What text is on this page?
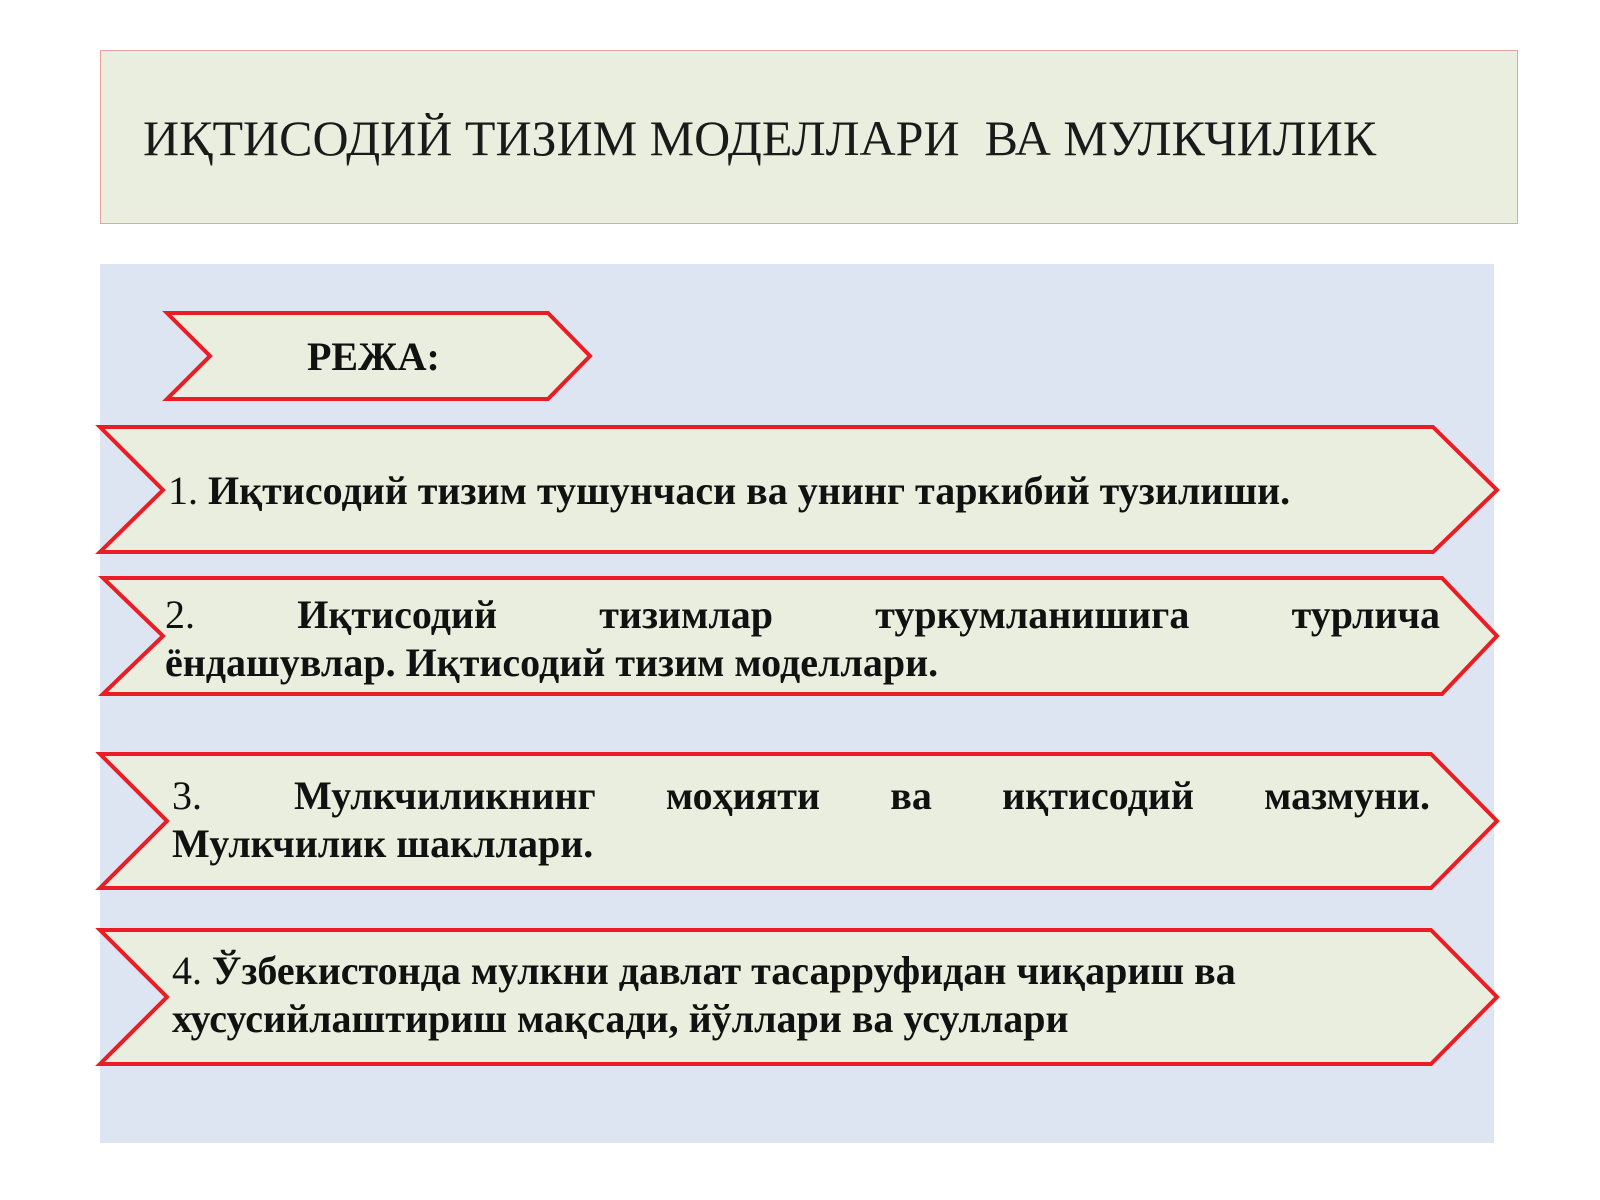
ИҚТИСОДИЙ ТИЗИМ МОДЕЛЛАРИ  ВА МУЛКЧИЛИК
РЕЖА:
1. Иқтисодий тизим тушунчаси ва унинг таркибий тузилиши.
2.	Иқтисодий	тизимлар	туркумланишига	турлича
ёндашувлар. Иқтисодий тизим моделлари.
3. Мулкчиликнинг моҳияти ва иқтисодий мазмуни.
Мулкчилик шакллари.
4. Ўзбекистонда мулкни давлат тасарруфидан чиқариш ва
хусусийлаштириш мақсади, йўллари ва усуллари
